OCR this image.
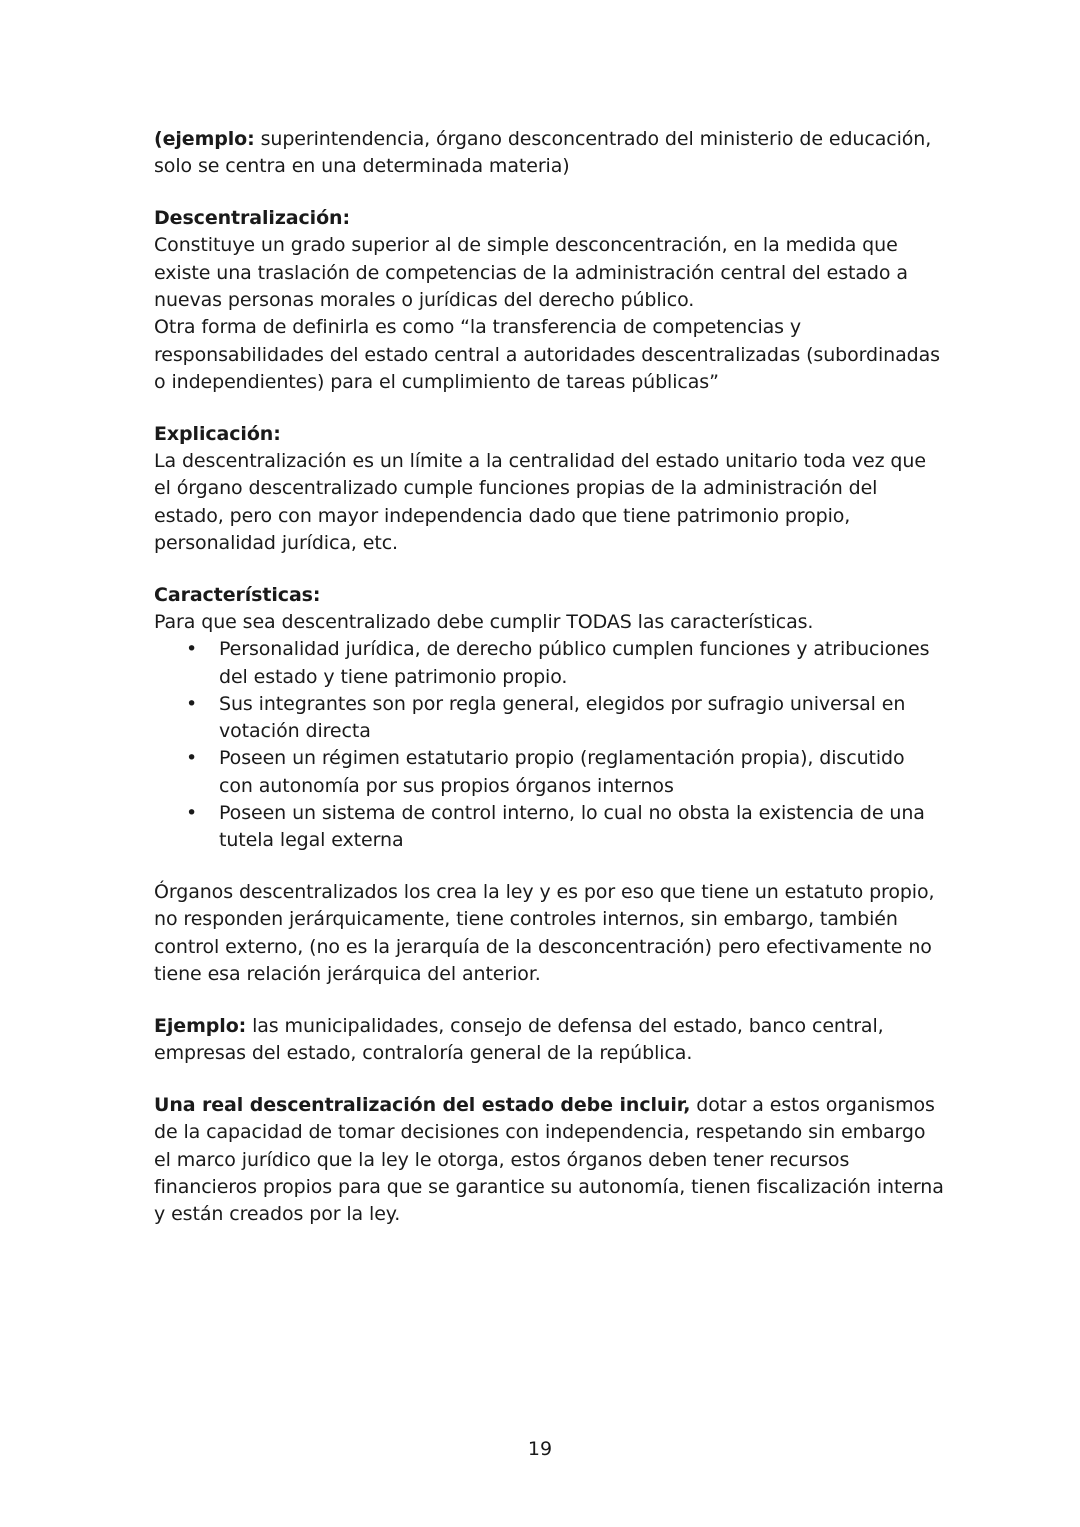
(ejemplo: superintendencia, órgano desconcentrado del ministerio de educación, solo se centra en una determinada materia)

Descentralización:

Constituye un grado superior al de simple desconcentración, en la medida que existe una traslación de competencias de la administración central del estado a nuevas personas morales o jurídicas del derecho público.

Otra forma de definirla es como “la transferencia de competencias y responsabilidades del estado central a autoridades descentralizadas (subordinadas o independientes) para el cumplimiento de tareas públicas”

Explicación:

La descentralización es un límite a la centralidad del estado unitario toda vez que el órgano descentralizado cumple funciones propias de la administración del estado, pero con mayor independencia dado que tiene patrimonio propio, personalidad jurídica, etc.

Características:

Para que sea descentralizado debe cumplir TODAS las características.

• Personalidad jurídica, de derecho público cumplen funciones y atribuciones del estado y tiene patrimonio propio.
• Sus integrantes son por regla general, elegidos por sufragio universal en votación directa
• Poseen un régimen estatutario propio (reglamentación propia), discutido con autonomía por sus propios órganos internos
• Poseen un sistema de control interno, lo cual no obsta la existencia de una tutela legal externa

Órganos descentralizados los crea la ley y es por eso que tiene un estatuto propio, no responden jerárquicamente, tiene controles internos, sin embargo, también control externo, (no es la jerarquía de la desconcentración) pero efectivamente no tiene esa relación jerárquica del anterior.

Ejemplo: las municipalidades, consejo de defensa del estado, banco central, empresas del estado, contraloría general de la república.

Una real descentralización del estado debe incluir, dotar a estos organismos de la capacidad de tomar decisiones con independencia, respetando sin embargo el marco jurídico que la ley le otorga, estos órganos deben tener recursos financieros propios para que se garantice su autonomía, tienen fiscalización interna y están creados por la ley.

19
